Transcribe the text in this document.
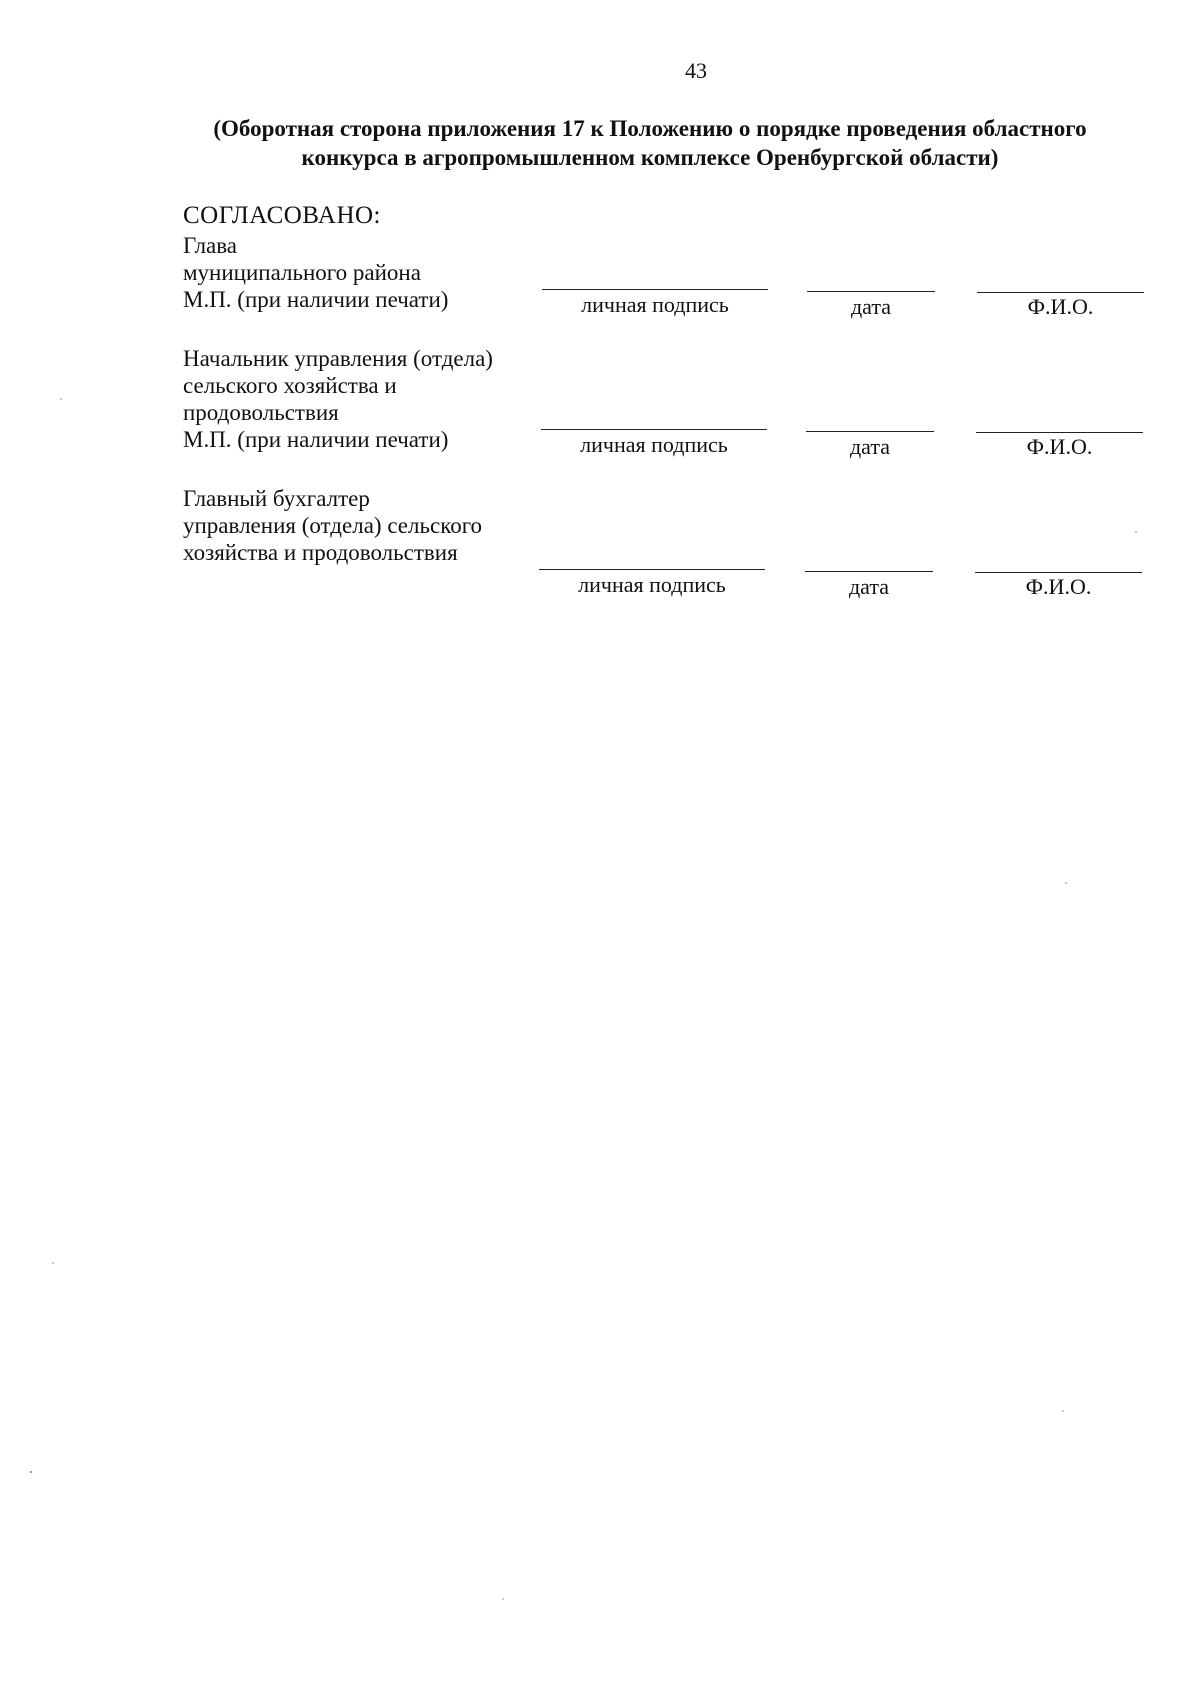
43
(Оборотная сторона приложения 17 к Положению о порядке проведения областного
конкурса в агропромышленном комплексе Оренбургской области)
СОГЛАСОВАНО:
Глава
муниципального района
М.П. (при наличии печати)	личная подпись	дата	Ф.И.О.
Начальник управления (отдела)
сельского хозяйства и
продовольствия
М.П. (при наличии печати)	личная подпись	дата	Ф.И.О.
Главный бухгалтер
управления (отдела) сельского
хозяйства и продовольствия
личная подпись	дата	Ф.И.О.
